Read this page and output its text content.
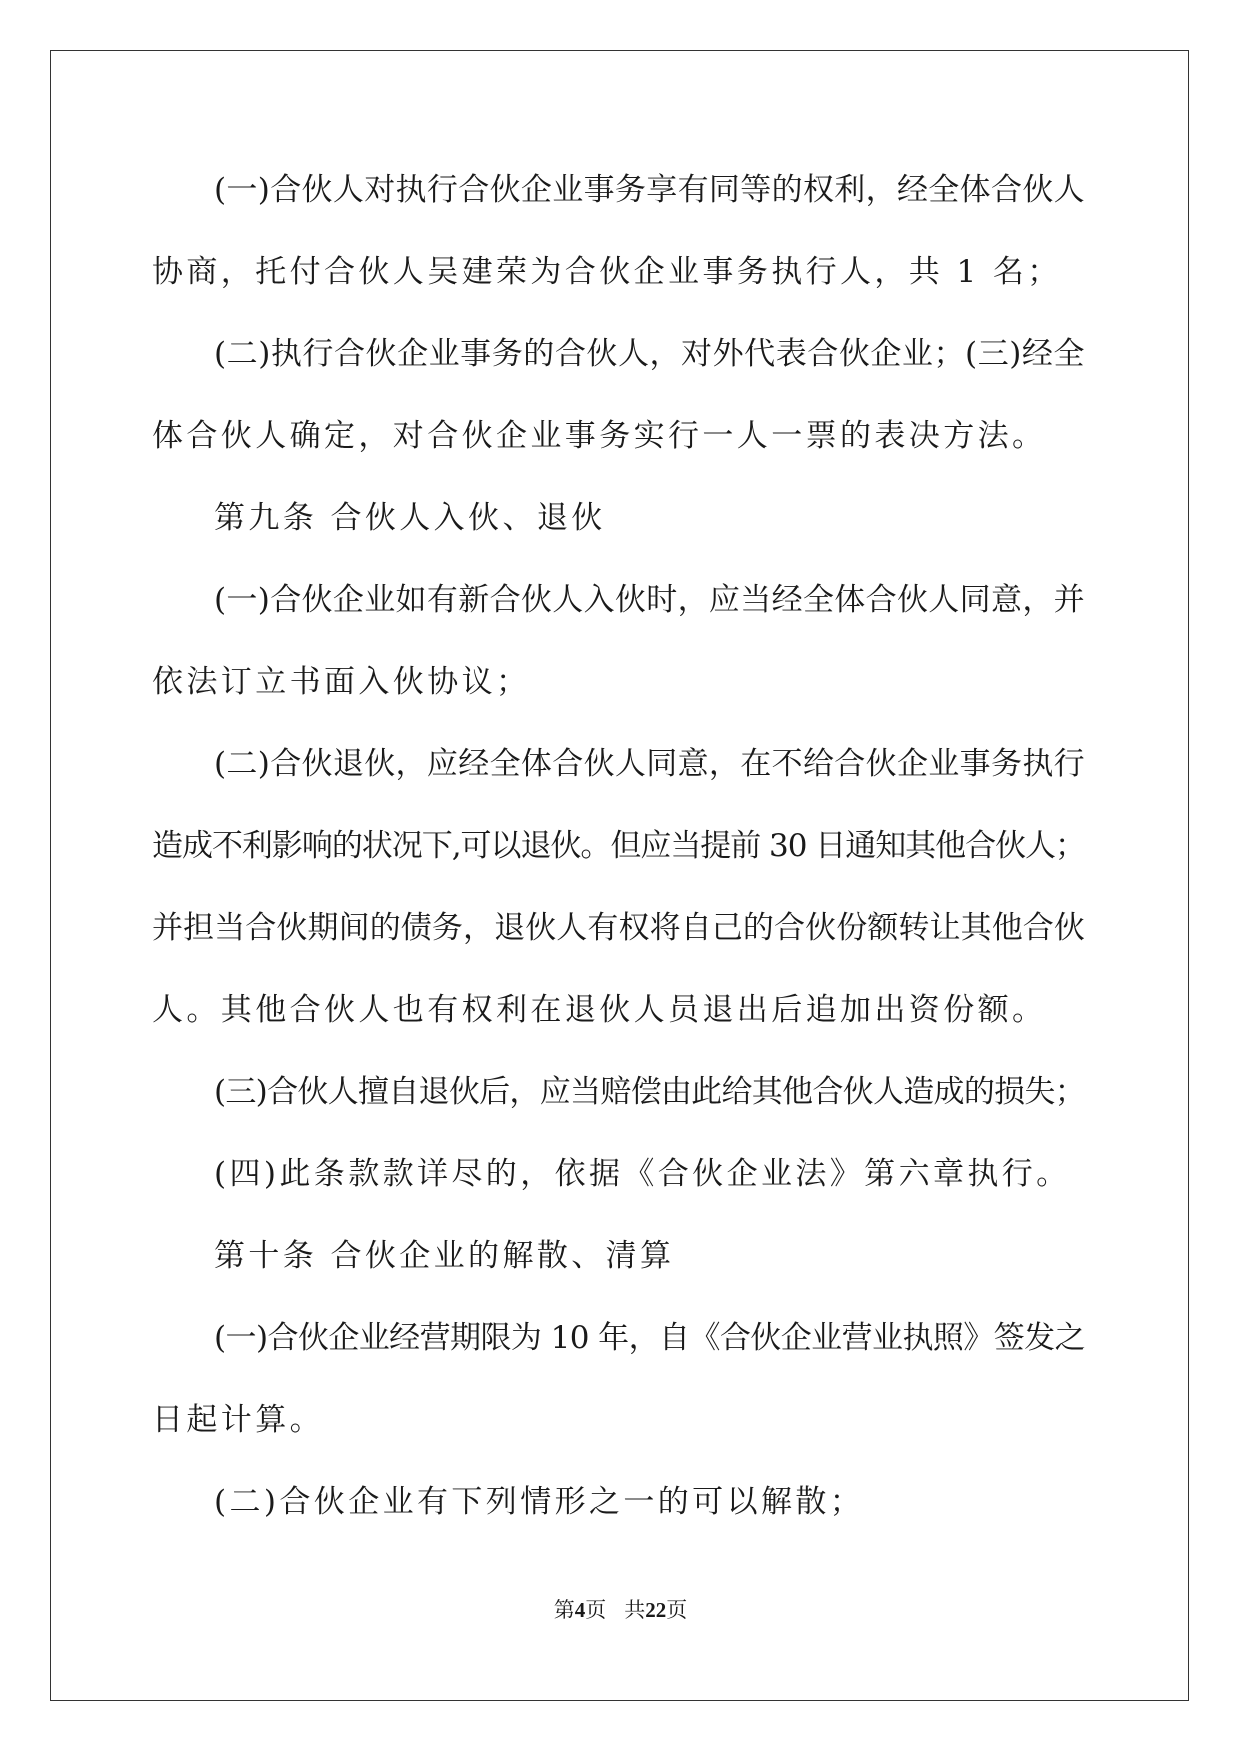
(一)合伙人对执行合伙企业事务享有同等的权利，经全体合伙人
协商，托付合伙人吴建荣为合伙企业事务执行人，共 1 名；
(二)执行合伙企业事务的合伙人，对外代表合伙企业；(三)经全
体合伙人确定，对合伙企业事务实行一人一票的表决方法。
第九条 合伙人入伙、退伙
(一)合伙企业如有新合伙人入伙时，应当经全体合伙人同意，并
依法订立书面入伙协议；
(二)合伙退伙，应经全体合伙人同意，在不给合伙企业事务执行
造成不利影响的状况下,可以退伙。但应当提前 30 日通知其他合伙人；
并担当合伙期间的债务，退伙人有权将自己的合伙份额转让其他合伙
人。其他合伙人也有权利在退伙人员退出后追加出资份额。
(三)合伙人擅自退伙后，应当赔偿由此给其他合伙人造成的损失；
(四)此条款款详尽的，依据《合伙企业法》第六章执行。
第十条 合伙企业的解散、清算
(一)合伙企业经营期限为 10 年，自《合伙企业营业执照》签发之
日起计算。
(二)合伙企业有下列情形之一的可以解散；
第4页 共22页
